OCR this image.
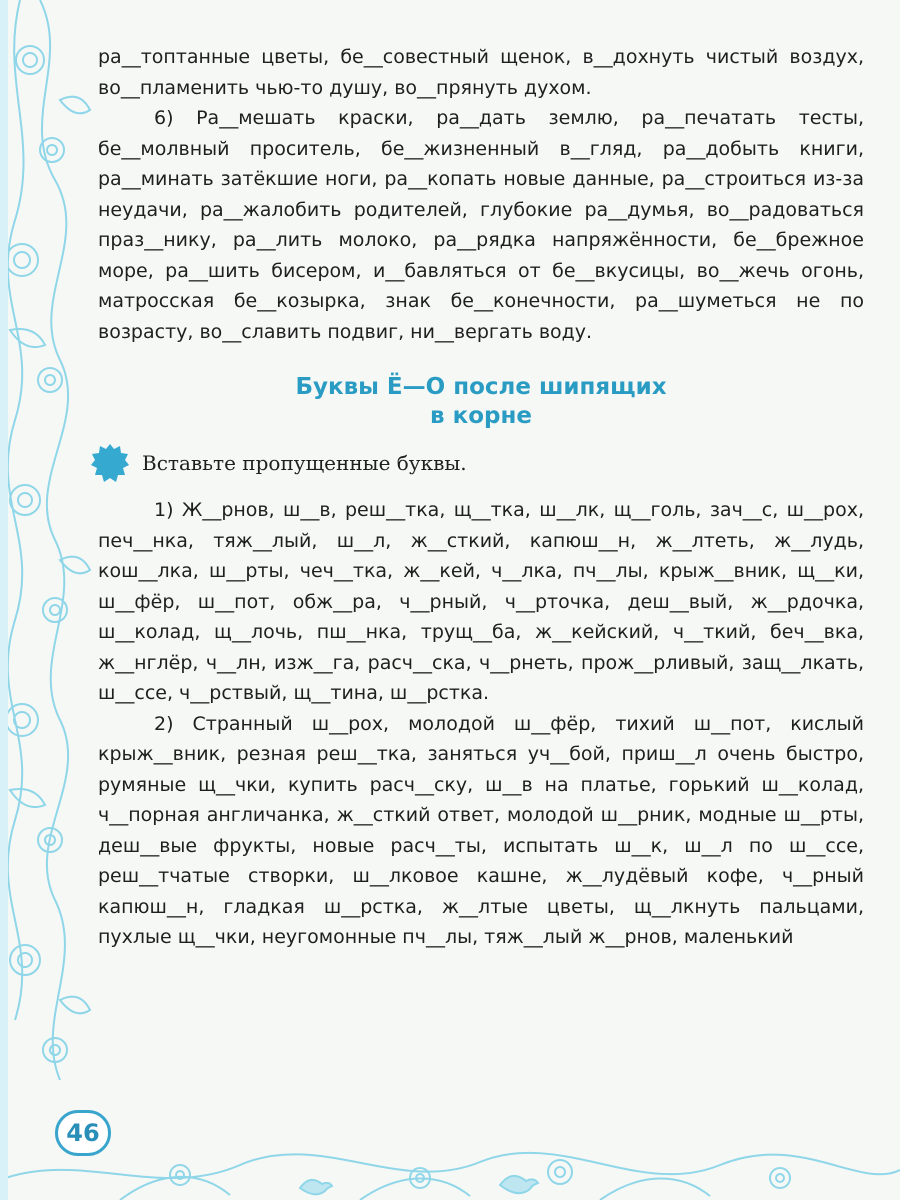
ра__топтанные цветы, бе__совестный щенок, в__дохнуть чистый воздух, во__пламенить чью-то душу, во__прянуть духом.

6) Ра__мешать краски, ра__дать землю, ра__печатать тесты, бе__молвный проситель, бе__жизненный в__гляд, ра__добыть книги, ра__минать затёкшие ноги, ра__копать новые данные, ра__строиться из-за неудачи, ра__жалобить родителей, глубокие ра__думья, во__радоваться праз__нику, ра__лить молоко, ра__рядка напряжённости, бе__брежное море, ра__шить бисером, и__бавляться от бе__вкусицы, во__жечь огонь, матросская бе__козырка, знак бе__конечности, ра__шуметься не по возрасту, во__славить подвиг, ни__вергать воду.

Буквы Ё—О после шипящих
в корне
Вставьте пропущенные буквы.

1) Ж__рнов, ш__в, реш__тка, щ__тка, ш__лк, щ__голь, зач__с, ш__рох, печ__нка, тяж__лый, ш__л, ж__сткий, капюш__н, ж__лтеть, ж__лудь, кош__лка, ш__рты, чеч__тка, ж__кей, ч__лка, пч__лы, крыж__вник, щ__ки, ш__фёр, ш__пот, обж__ра, ч__рный, ч__рточка, деш__вый, ж__рдочка, ш__колад, щ__лочь, пш__нка, трущ__ба, ж__кейский, ч__ткий, беч__вка, ж__нглёр, ч__лн, изж__га, расч__ска, ч__рнеть, прож__рливый, защ__лкать, ш__ссе, ч__рствый, щ__тина, ш__рстка.

2) Странный ш__рох, молодой ш__фёр, тихий ш__пот, кислый крыж__вник, резная реш__тка, заняться уч__бой, приш__л очень быстро, румяные щ__чки, купить расч__ску, ш__в на платье, горький ш__колад, ч__порная англичанка, ж__сткий ответ, молодой ш__рник, модные ш__рты, деш__вые фрукты, новые расч__ты, испытать ш__к, ш__л по ш__ссе, реш__тчатые створки, ш__лковое кашне, ж__лудёвый кофе, ч__рный капюш__н, гладкая ш__рстка, ж__лтые цветы, щ__лкнуть пальцами, пухлые щ__чки, неугомонные пч__лы, тяж__лый ж__рнов, маленький

46
